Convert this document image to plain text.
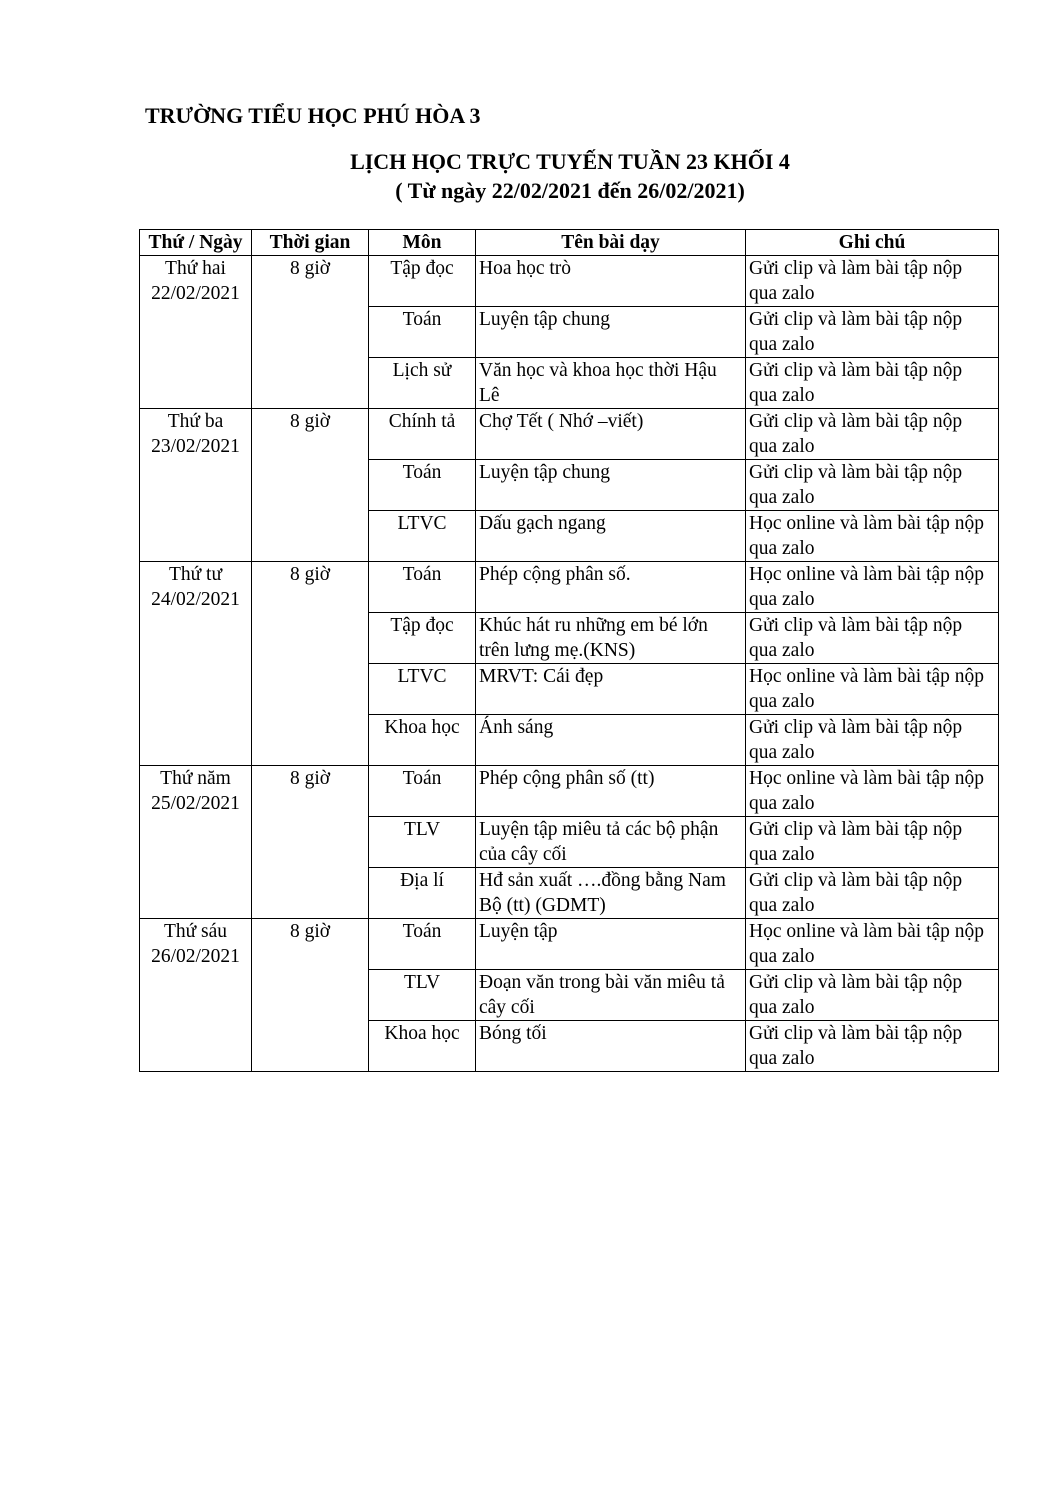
TRƯỜNG TIỂU HỌC PHÚ HÒA 3
LỊCH HỌC TRỰC TUYẾN TUẦN 23 KHỐI 4
( Từ ngày 22/02/2021 đến 26/02/2021)
Thứ / Ngày	Thời gian	Môn	Tên bài dạy	Ghi chú

Thứ hai
22/02/2021	8 giờ	Tập đọc	Hoa học trò	Gửi clip và làm bài tập nộp qua zalo
		Toán	Luyện tập chung	Gửi clip và làm bài tập nộp qua zalo
		Lịch sử	Văn học và khoa học thời Hậu Lê	Gửi clip và làm bài tập nộp qua zalo

Thứ ba
23/02/2021	8 giờ	Chính tả	Chợ Tết ( Nhớ –viết)	Gửi clip và làm bài tập nộp qua zalo
		Toán	Luyện tập chung	Gửi clip và làm bài tập nộp qua zalo
		LTVC	Dấu gạch ngang	Học online và làm bài tập nộp qua zalo

Thứ tư
24/02/2021	8 giờ	Toán	Phép cộng phân số.	Học online và làm bài tập nộp qua zalo
		Tập đọc	Khúc hát ru những em bé lớn trên lưng mẹ.(KNS)	Gửi clip và làm bài tập nộp qua zalo
		LTVC	MRVT: Cái đẹp	Học online và làm bài tập nộp qua zalo
		Khoa học	Ánh sáng	Gửi clip và làm bài tập nộp qua zalo

Thứ năm
25/02/2021	8 giờ	Toán	Phép cộng phân số (tt)	Học online và làm bài tập nộp qua zalo
		TLV	Luyện tập miêu tả các bộ phận của cây cối	Gửi clip và làm bài tập nộp qua zalo
		Địa lí	Hđ sản xuất ….đồng bằng Nam Bộ (tt) (GDMT)	Gửi clip và làm bài tập nộp qua zalo

Thứ sáu
26/02/2021	8 giờ	Toán	Luyện tập	Học online và làm bài tập nộp qua zalo
		TLV	Đoạn văn trong bài văn miêu tả cây cối	Gửi clip và làm bài tập nộp qua zalo
		Khoa học	Bóng tối	Gửi clip và làm bài tập nộp qua zalo
